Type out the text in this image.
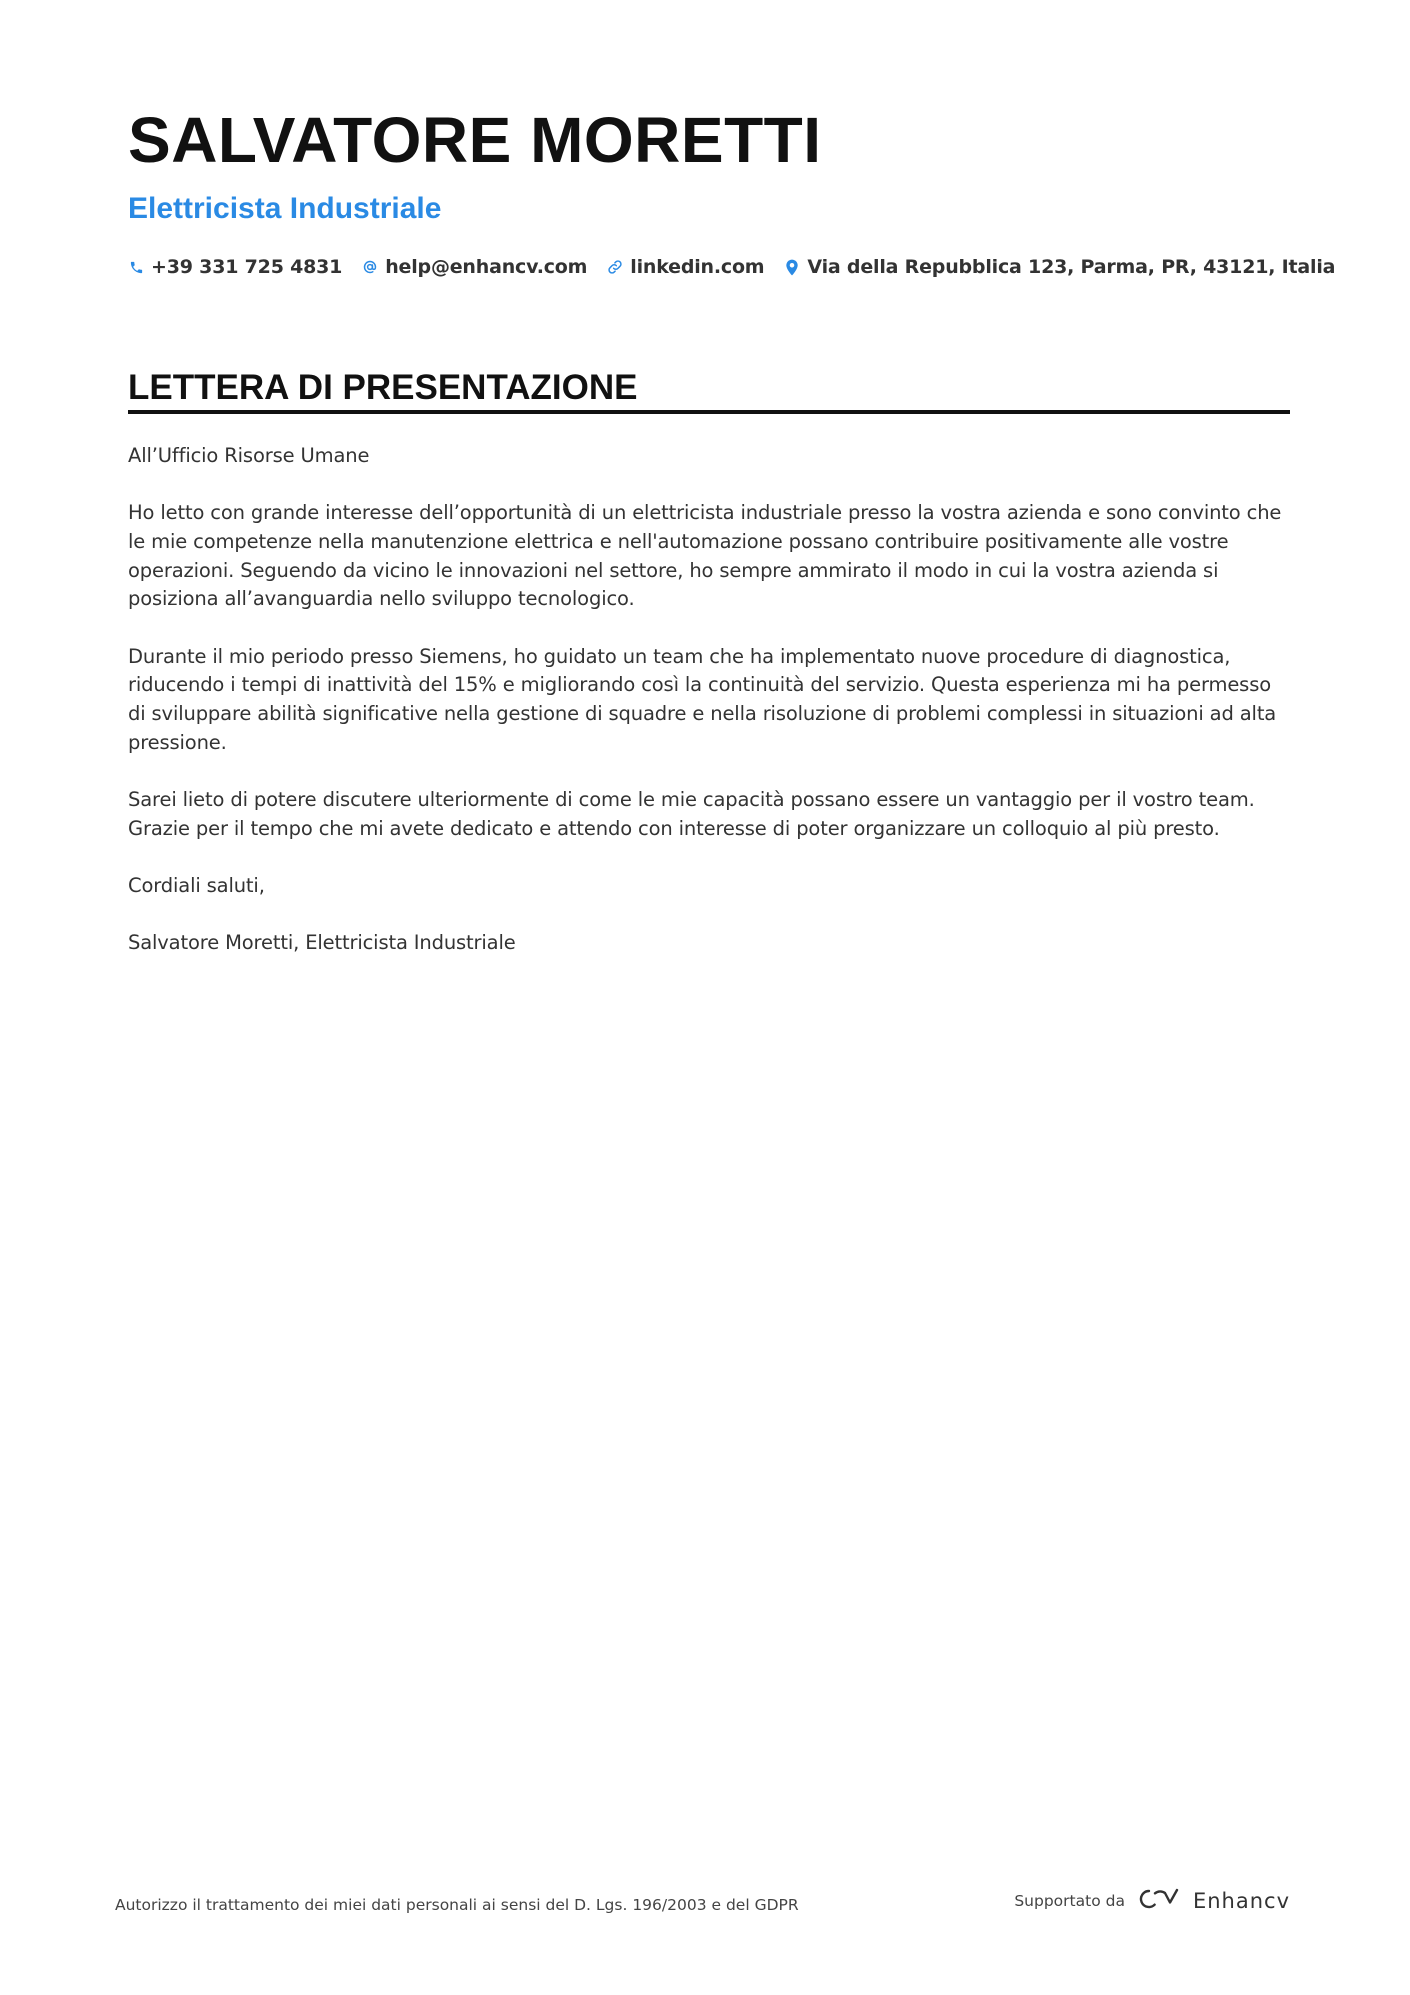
SALVATORE MORETTI
Elettricista Industriale
+39 331 725 4831 help@enhancv.com linkedin.com Via della Repubblica 123, Parma, PR, 43121, Italia
LETTERA DI PRESENTAZIONE

All’Ufficio Risorse Umane

Ho letto con grande interesse dell’opportunità di un elettricista industriale presso la vostra azienda e sono convinto che le mie competenze nella manutenzione elettrica e nell'automazione possano contribuire positivamente alle vostre operazioni. Seguendo da vicino le innovazioni nel settore, ho sempre ammirato il modo in cui la vostra azienda si posiziona all’avanguardia nello sviluppo tecnologico.

Durante il mio periodo presso Siemens, ho guidato un team che ha implementato nuove procedure di diagnostica, riducendo i tempi di inattività del 15% e migliorando così la continuità del servizio. Questa esperienza mi ha permesso di sviluppare abilità significative nella gestione di squadre e nella risoluzione di problemi complessi in situazioni ad alta pressione.

Sarei lieto di potere discutere ulteriormente di come le mie capacità possano essere un vantaggio per il vostro team. Grazie per il tempo che mi avete dedicato e attendo con interesse di poter organizzare un colloquio al più presto.

Cordiali saluti,

Salvatore Moretti, Elettricista Industriale

Autorizzo il trattamento dei miei dati personali ai sensi del D. Lgs. 196/2003 e del GDPR	Supportato da	Enhancv
